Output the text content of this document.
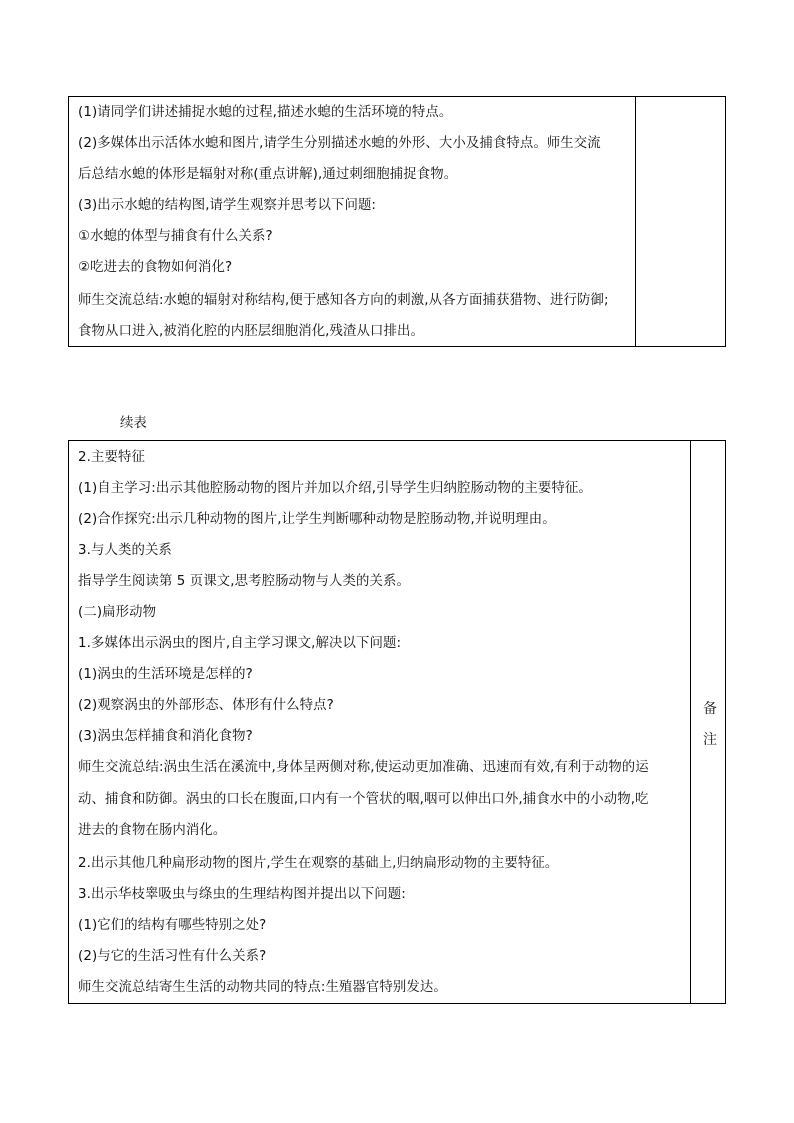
(1)请同学们讲述捕捉水螅的过程,描述水螅的生活环境的特点。
(2)多媒体出示活体水螅和图片,请学生分别描述水螅的外形、大小及捕食特点。师生交流
后总结水螅的体形是辐射对称(重点讲解),通过刺细胞捕捉食物。
(3)出示水螅的结构图,请学生观察并思考以下问题:
①水螅的体型与捕食有什么关系?
②吃进去的食物如何消化?
师生交流总结:水螅的辐射对称结构,便于感知各方向的刺激,从各方面捕获猎物、进行防御;
食物从口进入,被消化腔的内胚层细胞消化,残渣从口排出。
续表
2.主要特征
(1)自主学习:出示其他腔肠动物的图片并加以介绍,引导学生归纳腔肠动物的主要特征。
(2)合作探究:出示几种动物的图片,让学生判断哪种动物是腔肠动物,并说明理由。
3.与人类的关系
指导学生阅读第 5 页课文,思考腔肠动物与人类的关系。
(二)扁形动物
1.多媒体出示涡虫的图片,自主学习课文,解决以下问题:
(1)涡虫的生活环境是怎样的?
(2)观察涡虫的外部形态、体形有什么特点?
(3)涡虫怎样捕食和消化食物?
师生交流总结:涡虫生活在溪流中,身体呈两侧对称,使运动更加准确、迅速而有效,有利于动物的运
动、捕食和防御。涡虫的口长在腹面,口内有一个管状的咽,咽可以伸出口外,捕食水中的小动物,吃
进去的食物在肠内消化。
2.出示其他几种扁形动物的图片,学生在观察的基础上,归纳扁形动物的主要特征。
3.出示华枝睾吸虫与绦虫的生理结构图并提出以下问题:
(1)它们的结构有哪些特别之处?
(2)与它的生活习性有什么关系?
师生交流总结寄生生活的动物共同的特点:生殖器官特别发达。
备
注
